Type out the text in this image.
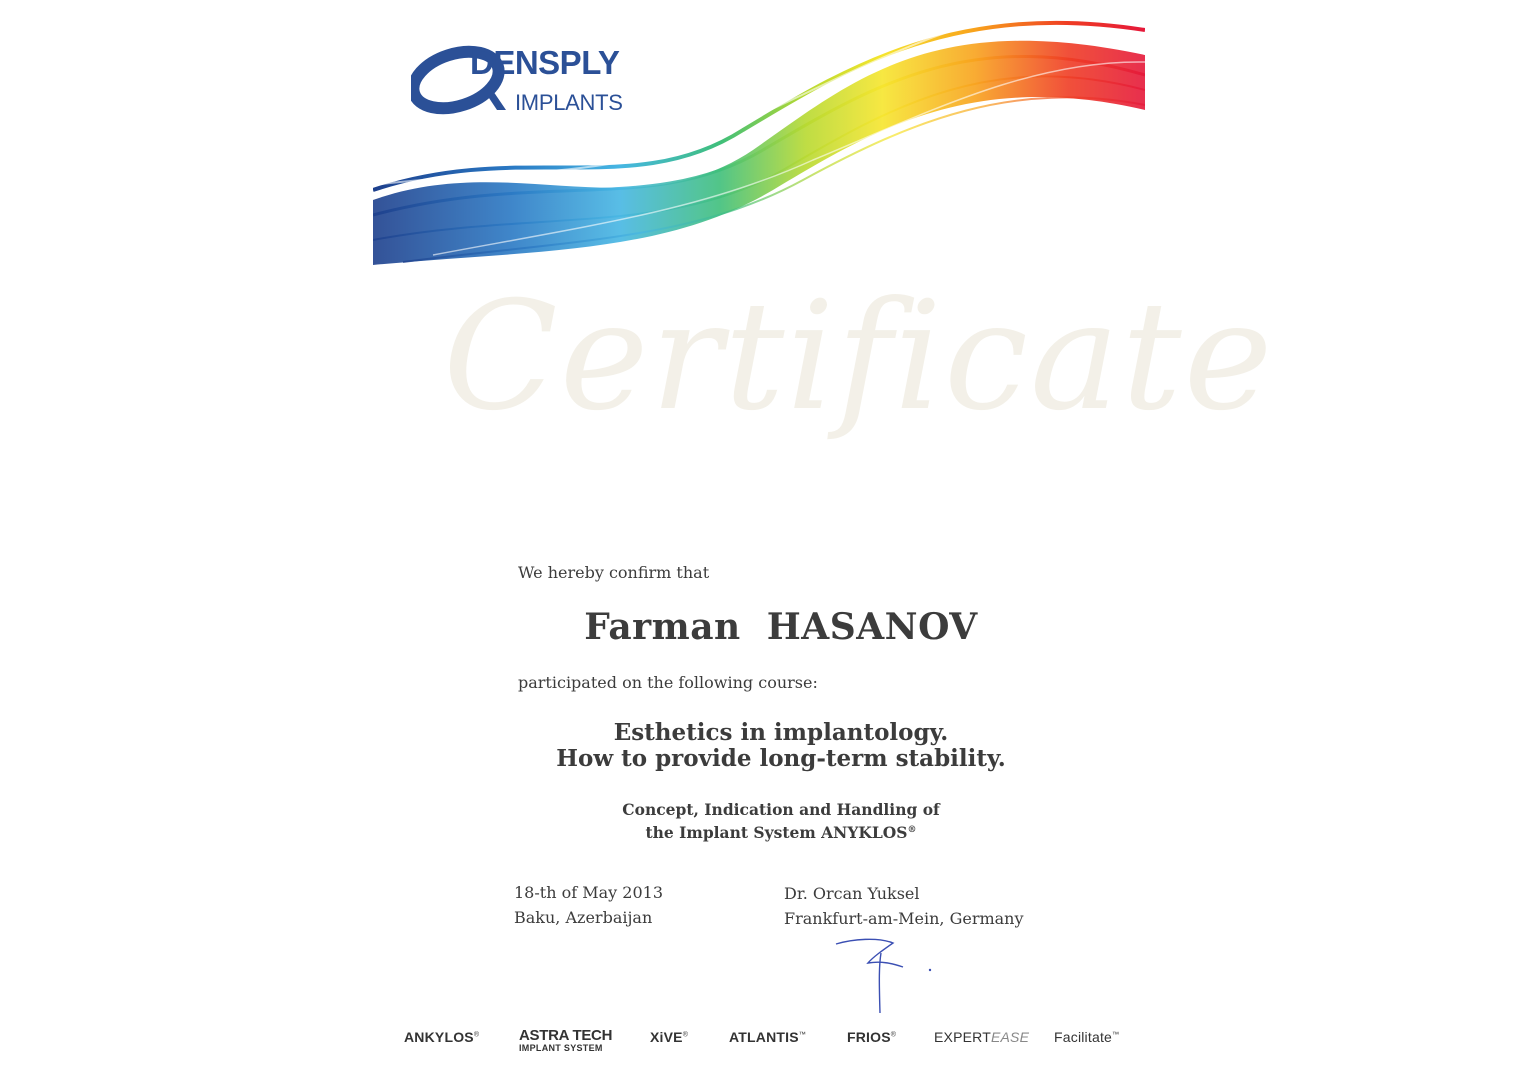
DENSPLY
IMPLANTS
Certificate
We hereby confirm that
Farman  HASANOV
participated on the following course:
Esthetics in implantology.
How to provide long-term stability.
Concept, Indication and Handling of
the Implant System ANYKLOS®
18-th of May 2013
Baku, Azerbaijan
Dr. Orcan Yuksel
Frankfurt-am-Mein, Germany
ANKYLOS®	ASTRA TECH
IMPLANT SYSTEM
XiVE®	ATLANTIS™	FRIOS®	EXPERTEASE Facilitate™
